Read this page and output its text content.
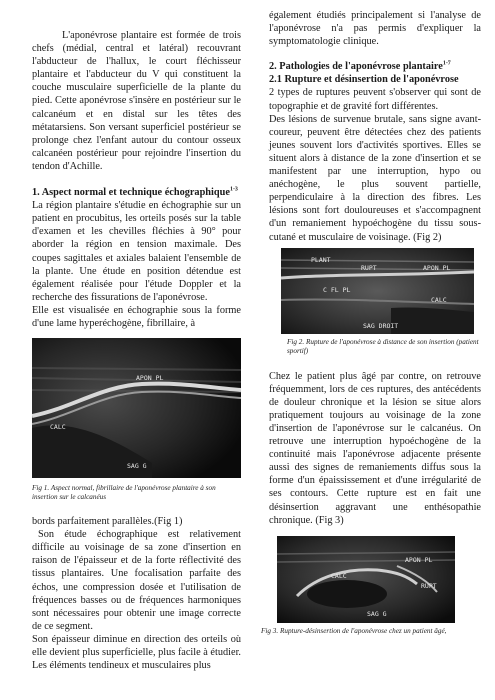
L'aponévrose plantaire est formée de trois chefs (médial, central et latéral) recouvrant l'abducteur de l'hallux, le court fléchisseur plantaire et l'abducteur du V qui constituent la couche musculaire superficielle de la plante du pied. Cette aponévrose s'insère en postérieur sur le calcanéum et en distal sur les têtes des métatarsiens. Son versant superficiel postérieur se prolonge chez l'enfant autour du contour osseux calcanéen postérieur pour rejoindre l'insertion du tendon d'Achille.

1. Aspect normal et technique échographique$^{1-3}$

La région plantaire s'étudie en échographie sur un patient en procubitus, les orteils posés sur la table d'examen et les chevilles fléchies à 90° pour aborder la région en tension maximale. Des coupes sagittales et axiales balaient l'ensemble de la plante. Une étude en position détendue est également réalisée pour l'étude Doppler et la recherche des fissurations de l'aponévrose.

Elle est visualisée en échographie sous la forme d'une lame hyperéchogène, fibrillaire, à

APON PL
CALC
SAG G

Fig 1. Aspect normal, fibrillaire de l'aponévrose plantaire à son insertion sur le calcanéus

bords parfaitement parallèles.(Fig 1)

Son étude échographique est relativement difficile au voisinage de sa zone d'insertion en raison de l'épaisseur et de la forte réflectivité des tissus plantaires. Une focalisation parfaite des échos, une compression dosée et l'utilisation de fréquences basses ou de fréquences harmoniques sont nécessaires pour obtenir une image correcte de ce segment.

Son épaisseur diminue en direction des orteils où elle devient plus superficielle, plus facile à étudier.

Les éléments tendineux et musculaires plus

également étudiés principalement si l'analyse de l'aponévrose n'a pas permis d'expliquer la symptomatologie clinique.

2. Pathologies de l'aponévrose plantaire$^{1-7}$
2.1 Rupture et désinsertion de l'aponévrose

2 types de ruptures peuvent s'observer qui sont de topographie et de gravité fort différentes.

Des lésions de survenue brutale, sans signe avant-coureur, peuvent être détectées chez des patients jeunes souvent lors d'activités sportives. Elles se situent alors à distance de la zone d'insertion et se manifestent par une interruption, hypo ou anéchogène, le plus souvent partielle, perpendiculaire à la direction des fibres. Les lésions sont fort douloureuses et s'accompagnent d'un remaniement hypoéchogène du tissu sous-cutané et musculaire de voisinage. (Fig 2)

PLANT
RUPT	APON PL
C FL PL
CALC
SAG DROIT

Fig 2. Rupture de l'aponévrose à distance de son insertion (patient sportif)

Chez le patient plus âgé par contre, on retrouve fréquemment, lors de ces ruptures, des antécédents de douleur chronique et la lésion se situe alors pratiquement toujours au voisinage de la zone d'insertion de l'aponévrose sur le calcanéus. On retrouve une interruption hypoéchogène de la continuité mais l'aponévrose adjacente présente aussi des signes de remaniements diffus sous la forme d'un épaississement et d'une irrégularité de ses contours. Cette rupture est en fait une désinsertion aggravant une enthésopathie chronique. (Fig 3)

APON PL
CALC
RUPT
SAG G

Fig 3. Rupture-désinsertion de l'aponévrose chez un patient âgé,
